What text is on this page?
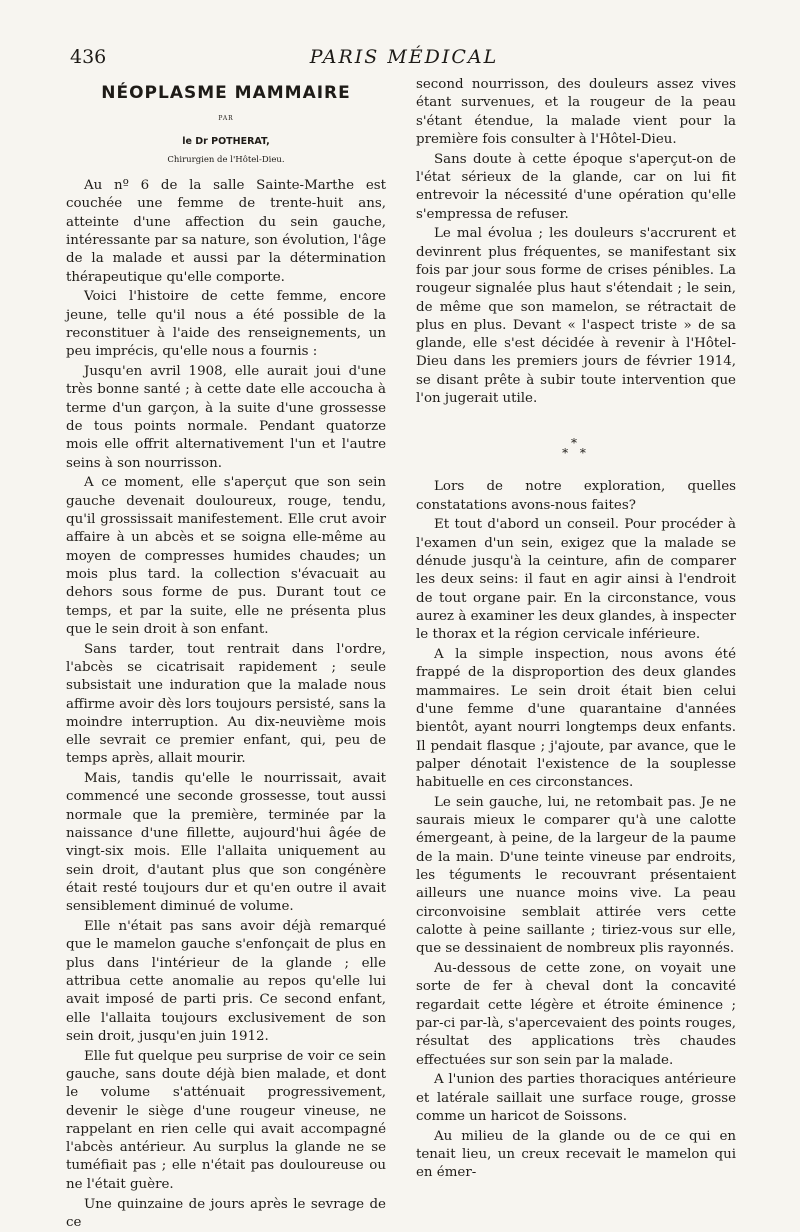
436	PARIS MÉDICAL
NÉOPLASME MAMMAIRE
PAR
le Dr POTHERAT,
Chirurgien de l'Hôtel-Dieu.

Au nº 6 de la salle Sainte-Marthe est couchée une femme de trente-huit ans, atteinte d'une affection du sein gauche, intéressante par sa nature, son évolution, l'âge de la malade et aussi par la détermination thérapeutique qu'elle comporte.

Voici l'histoire de cette femme, encore jeune, telle qu'il nous a été possible de la reconstituer à l'aide des renseignements, un peu imprécis, qu'elle nous a fournis :

Jusqu'en avril 1908, elle aurait joui d'une très bonne santé ; à cette date elle accoucha à terme d'un garçon, à la suite d'une grossesse de tous points normale. Pendant quatorze mois elle offrit alternativement l'un et l'autre seins à son nourrisson.

A ce moment, elle s'aperçut que son sein gauche devenait douloureux, rouge, tendu, qu'il grossissait manifestement. Elle crut avoir affaire à un abcès et se soigna elle-même au moyen de compresses humides chaudes; un mois plus tard. la collection s'évacuait au dehors sous forme de pus. Durant tout ce temps, et par la suite, elle ne présenta plus que le sein droit à son enfant.

Sans tarder, tout rentrait dans l'ordre, l'abcès se cicatrisait rapidement ; seule subsistait une induration que la malade nous affirme avoir dès lors toujours persisté, sans la moindre interruption. Au dix-neuvième mois elle sevrait ce premier enfant, qui, peu de temps après, allait mourir.

Mais, tandis qu'elle le nourrissait, avait commencé une seconde grossesse, tout aussi normale que la première, terminée par la naissance d'une fillette, aujourd'hui âgée de vingt-six mois. Elle l'allaita uniquement au sein droit, d'autant plus que son congénère était resté toujours dur et qu'en outre il avait sensiblement diminué de volume.

Elle n'était pas sans avoir déjà remarqué que le mamelon gauche s'enfonçait de plus en plus dans l'intérieur de la glande ; elle attribua cette anomalie au repos qu'elle lui avait imposé de parti pris. Ce second enfant, elle l'allaita toujours exclusivement de son sein droit, jusqu'en juin 1912.

Elle fut quelque peu surprise de voir ce sein gauche, sans doute déjà bien malade, et dont le volume s'atténuait progressivement, devenir le siège d'une rougeur vineuse, ne rappelant en rien celle qui avait accompagné l'abcès antérieur. Au surplus la glande ne se tuméfiait pas ; elle n'était pas douloureuse ou ne l'était guère.

Une quinzaine de jours après le sevrage de ce

second nourrisson, des douleurs assez vives étant survenues, et la rougeur de la peau s'étant étendue, la malade vient pour la première fois consulter à l'Hôtel-Dieu.

Sans doute à cette époque s'aperçut-on de l'état sérieux de la glande, car on lui fit entrevoir la nécessité d'une opération qu'elle s'empressa de refuser.

Le mal évolua ; les douleurs s'accrurent et devinrent plus fréquentes, se manifestant six fois par jour sous forme de crises pénibles. La rougeur signalée plus haut s'étendait ; le sein, de même que son mamelon, se rétractait de plus en plus. Devant « l'aspect triste » de sa glande, elle s'est décidée à revenir à l'Hôtel-Dieu dans les premiers jours de février 1914, se disant prête à subir toute intervention que l'on jugerait utile.

*
* *

Lors de notre exploration, quelles constatations avons-nous faites?

Et tout d'abord un conseil. Pour procéder à l'examen d'un sein, exigez que la malade se dénude jusqu'à la ceinture, afin de comparer les deux seins: il faut en agir ainsi à l'endroit de tout organe pair. En la circonstance, vous aurez à examiner les deux glandes, à inspecter le thorax et la région cervicale inférieure.

A la simple inspection, nous avons été frappé de la disproportion des deux glandes mammaires. Le sein droit était bien celui d'une femme d'une quarantaine d'années bientôt, ayant nourri longtemps deux enfants. Il pendait flasque ; j'ajoute, par avance, que le palper dénotait l'existence de la souplesse habituelle en ces circonstances.

Le sein gauche, lui, ne retombait pas. Je ne saurais mieux le comparer qu'à une calotte émergeant, à peine, de la largeur de la paume de la main. D'une teinte vineuse par endroits, les téguments le recouvrant présentaient ailleurs une nuance moins vive. La peau circonvoisine semblait attirée vers cette calotte à peine saillante ; tiriez-vous sur elle, que se dessinaient de nombreux plis rayonnés.

Au-dessous de cette zone, on voyait une sorte de fer à cheval dont la concavité regardait cette légère et étroite éminence ; par-ci par-là, s'apercevaient des points rouges, résultat des applications très chaudes effectuées sur son sein par la malade.

A l'union des parties thoraciques antérieure et latérale saillait une surface rouge, grosse comme un haricot de Soissons.

Au milieu de la glande ou de ce qui en tenait lieu, un creux recevait le mamelon qui en émer-
